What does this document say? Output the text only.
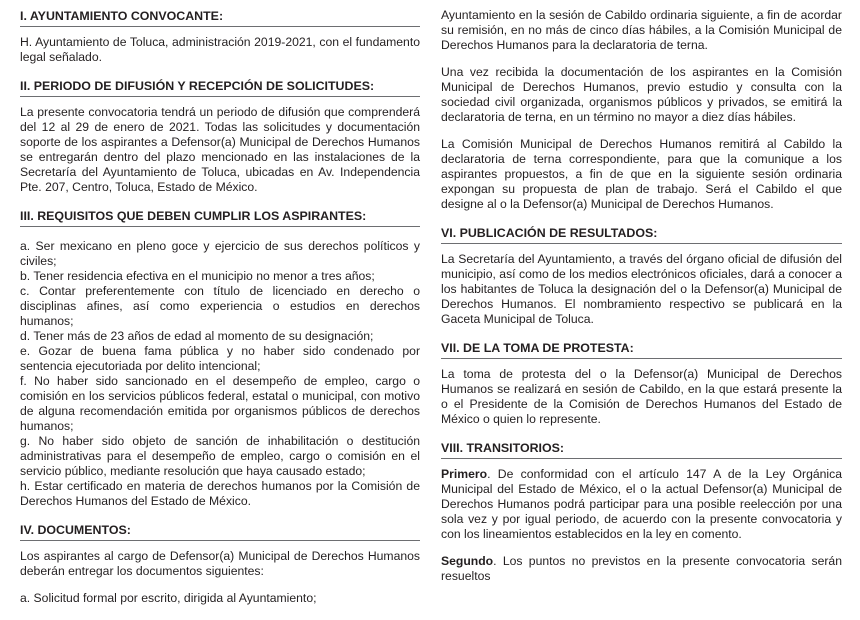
I. AYUNTAMIENTO CONVOCANTE:

H. Ayuntamiento de Toluca, administración 2019-2021, con el fundamento legal señalado.

II. PERIODO DE DIFUSIÓN Y RECEPCIÓN DE SOLICITUDES:

La presente convocatoria tendrá un periodo de difusión que comprenderá del 12 al 29 de enero de 2021. Todas las solicitudes y documentación soporte de los aspirantes a Defensor(a) Municipal de Derechos Humanos se entregarán dentro del plazo mencionado en las instalaciones de la Secretaría del Ayuntamiento de Toluca, ubicadas en Av. Independencia Pte. 207, Centro, Toluca, Estado de México.

III. REQUISITOS QUE DEBEN CUMPLIR LOS ASPIRANTES:

a. Ser mexicano en pleno goce y ejercicio de sus derechos políticos y civiles;

b. Tener residencia efectiva en el municipio no menor a tres años;

c. Contar preferentemente con título de licenciado en derecho o disciplinas afines, así como experiencia o estudios en derechos humanos;

d. Tener más de 23 años de edad al momento de su designación;

e. Gozar de buena fama pública y no haber sido condenado por sentencia ejecutoriada por delito intencional;

f. No haber sido sancionado en el desempeño de empleo, cargo o comisión en los servicios públicos federal, estatal o municipal, con motivo de alguna recomendación emitida por organismos públicos de derechos humanos;

g. No haber sido objeto de sanción de inhabilitación o destitución administrativas para el desempeño de empleo, cargo o comisión en el servicio público, mediante resolución que haya causado estado;

h. Estar certificado en materia de derechos humanos por la Comisión de Derechos Humanos del Estado de México.

IV. DOCUMENTOS:

Los aspirantes al cargo de Defensor(a) Municipal de Derechos Humanos deberán entregar los documentos siguientes:

a. Solicitud formal por escrito, dirigida al Ayuntamiento;

Ayuntamiento en la sesión de Cabildo ordinaria siguiente, a fin de acordar su remisión, en no más de cinco días hábiles, a la Comisión Municipal de Derechos Humanos para la declaratoria de terna.

Una vez recibida la documentación de los aspirantes en la Comisión Municipal de Derechos Humanos, previo estudio y consulta con la sociedad civil organizada, organismos públicos y privados, se emitirá la declaratoria de terna, en un término no mayor a diez días hábiles.

La Comisión Municipal de Derechos Humanos remitirá al Cabildo la declaratoria de terna correspondiente, para que la comunique a los aspirantes propuestos, a fin de que en la siguiente sesión ordinaria expongan su propuesta de plan de trabajo. Será el Cabildo el que designe al o la Defensor(a) Municipal de Derechos Humanos.

VI. PUBLICACIÓN DE RESULTADOS:

La Secretaría del Ayuntamiento, a través del órgano oficial de difusión del municipio, así como de los medios electrónicos oficiales, dará a conocer a los habitantes de Toluca la designación del o la Defensor(a) Municipal de Derechos Humanos. El nombramiento respectivo se publicará en la Gaceta Municipal de Toluca.

VII. DE LA TOMA DE PROTESTA:

La toma de protesta del o la Defensor(a) Municipal de Derechos Humanos se realizará en sesión de Cabildo, en la que estará presente la o el Presidente de la Comisión de Derechos Humanos del Estado de México o quien lo represente.

VIII. TRANSITORIOS:

Primero. De conformidad con el artículo 147 A de la Ley Orgánica Municipal del Estado de México, el o la actual Defensor(a) Municipal de Derechos Humanos podrá participar para una posible reelección por una sola vez y por igual periodo, de acuerdo con la presente convocatoria y con los lineamientos establecidos en la ley en comento.

Segundo. Los puntos no previstos en la presente convocatoria serán resueltos
